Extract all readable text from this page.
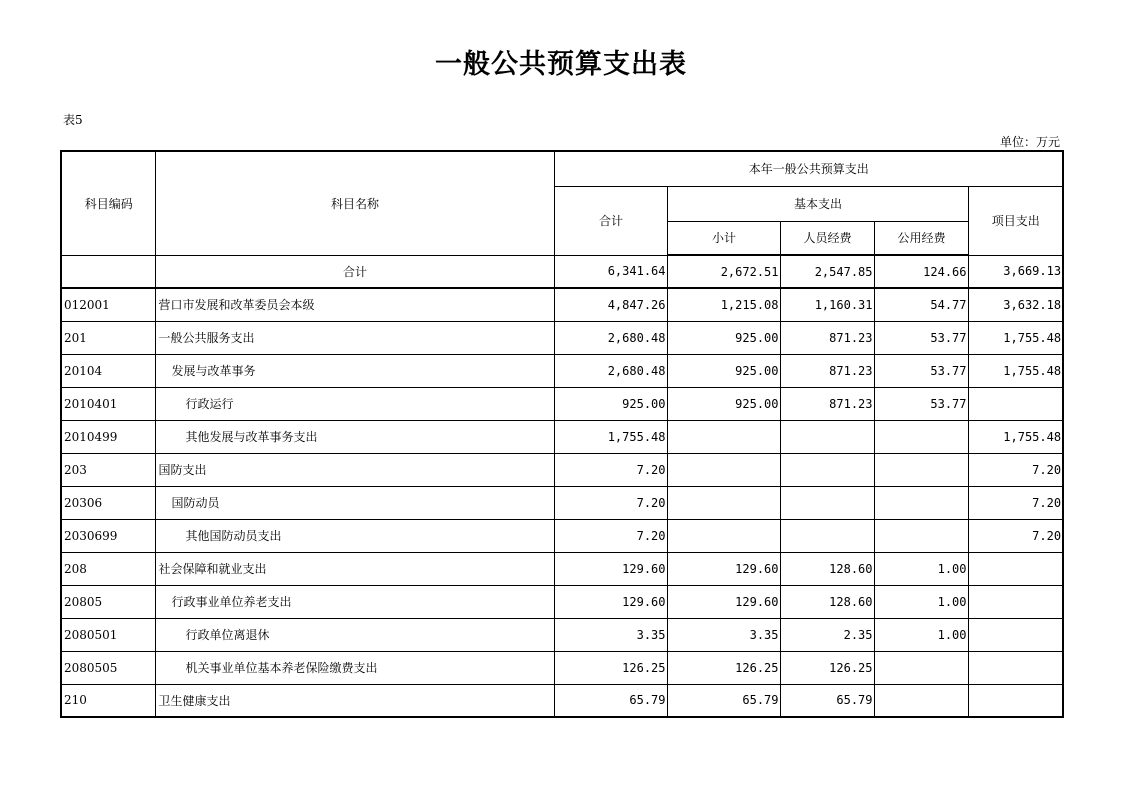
一般公共预算支出表
表5
单位：万元
科目编码	科目名称	本年一般公共预算支出				
		合计	基本支出			项目支出
			小计	人员经费	公用经费	
	合计	6,341.64	2,672.51	2,547.85	124.66	3,669.13
012001	营口市发展和改革委员会本级	4,847.26	1,215.08	1,160.31	54.77	3,632.18
201	一般公共服务支出	2,680.48	925.00	871.23	53.77	1,755.48
20104	发展与改革事务	2,680.48	925.00	871.23	53.77	1,755.48
2010401	行政运行	925.00	925.00	871.23	53.77	
2010499	其他发展与改革事务支出	1,755.48				1,755.48
203	国防支出	7.20				7.20
20306	国防动员	7.20				7.20
2030699	其他国防动员支出	7.20				7.20
208	社会保障和就业支出	129.60	129.60	128.60	1.00	
20805	行政事业单位养老支出	129.60	129.60	128.60	1.00	
2080501	行政单位离退休	3.35	3.35	2.35	1.00	
2080505	机关事业单位基本养老保险缴费支出	126.25	126.25	126.25		
210	卫生健康支出	65.79	65.79	65.79		
